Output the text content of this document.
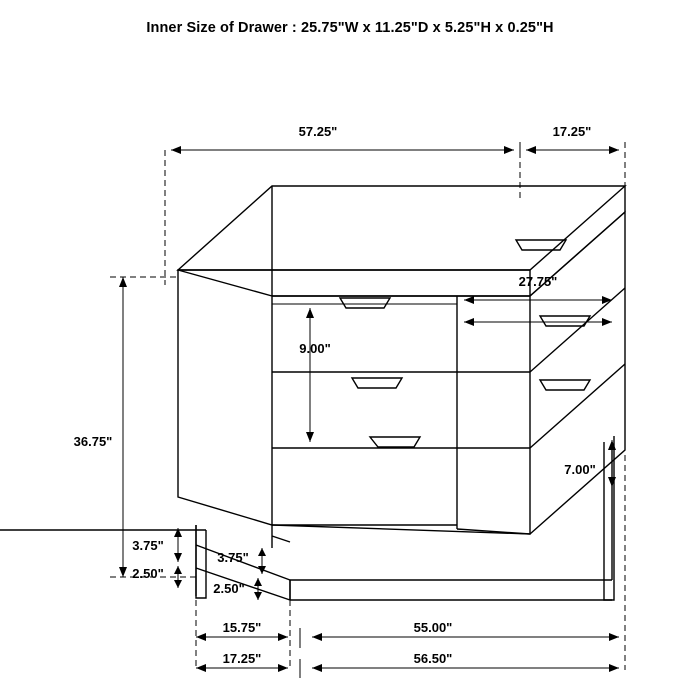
Inner Size of Drawer : 25.75"W x 11.25"D x 5.25"H x 0.25"H
57.25"	17.25"
27.75"
9.00"
36.75"
7.00"
3.75"
3.75"
2.50"
2.50"
15.75"	55.00"
17.25"	56.50"
